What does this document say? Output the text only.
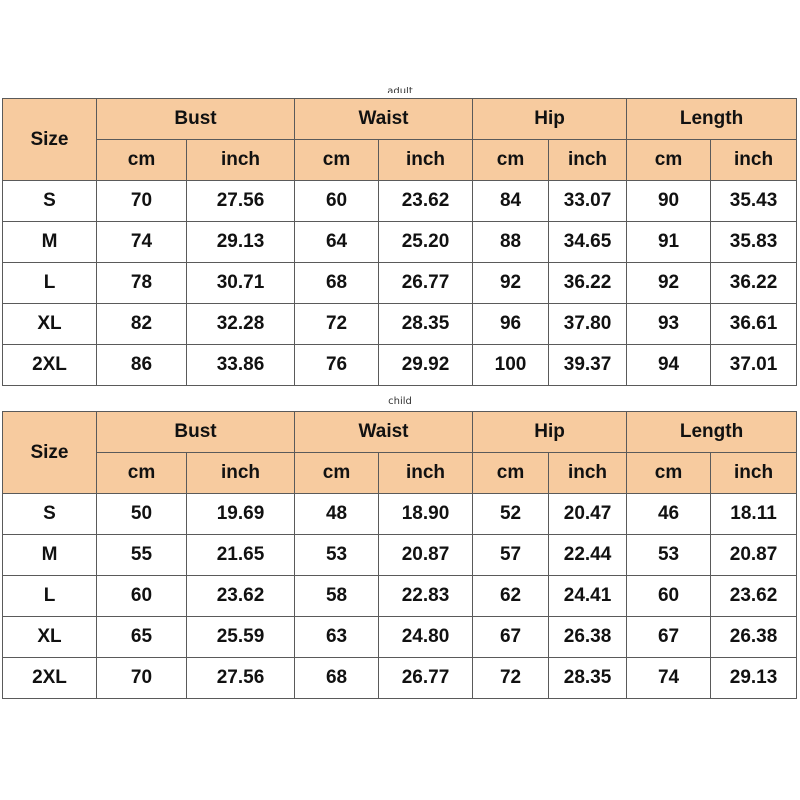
adult
Size	Bust		Waist		Hip		Length	
	cm	inch	cm	inch	cm	inch	cm	inch
S	70	27.56	60	23.62	84	33.07	90	35.43
M	74	29.13	64	25.20	88	34.65	91	35.83
L	78	30.71	68	26.77	92	36.22	92	36.22
XL	82	32.28	72	28.35	96	37.80	93	36.61
2XL	86	33.86	76	29.92	100	39.37	94	37.01
child
Size	Bust		Waist		Hip		Length	
	cm	inch	cm	inch	cm	inch	cm	inch
S	50	19.69	48	18.90	52	20.47	46	18.11
M	55	21.65	53	20.87	57	22.44	53	20.87
L	60	23.62	58	22.83	62	24.41	60	23.62
XL	65	25.59	63	24.80	67	26.38	67	26.38
2XL	70	27.56	68	26.77	72	28.35	74	29.13
